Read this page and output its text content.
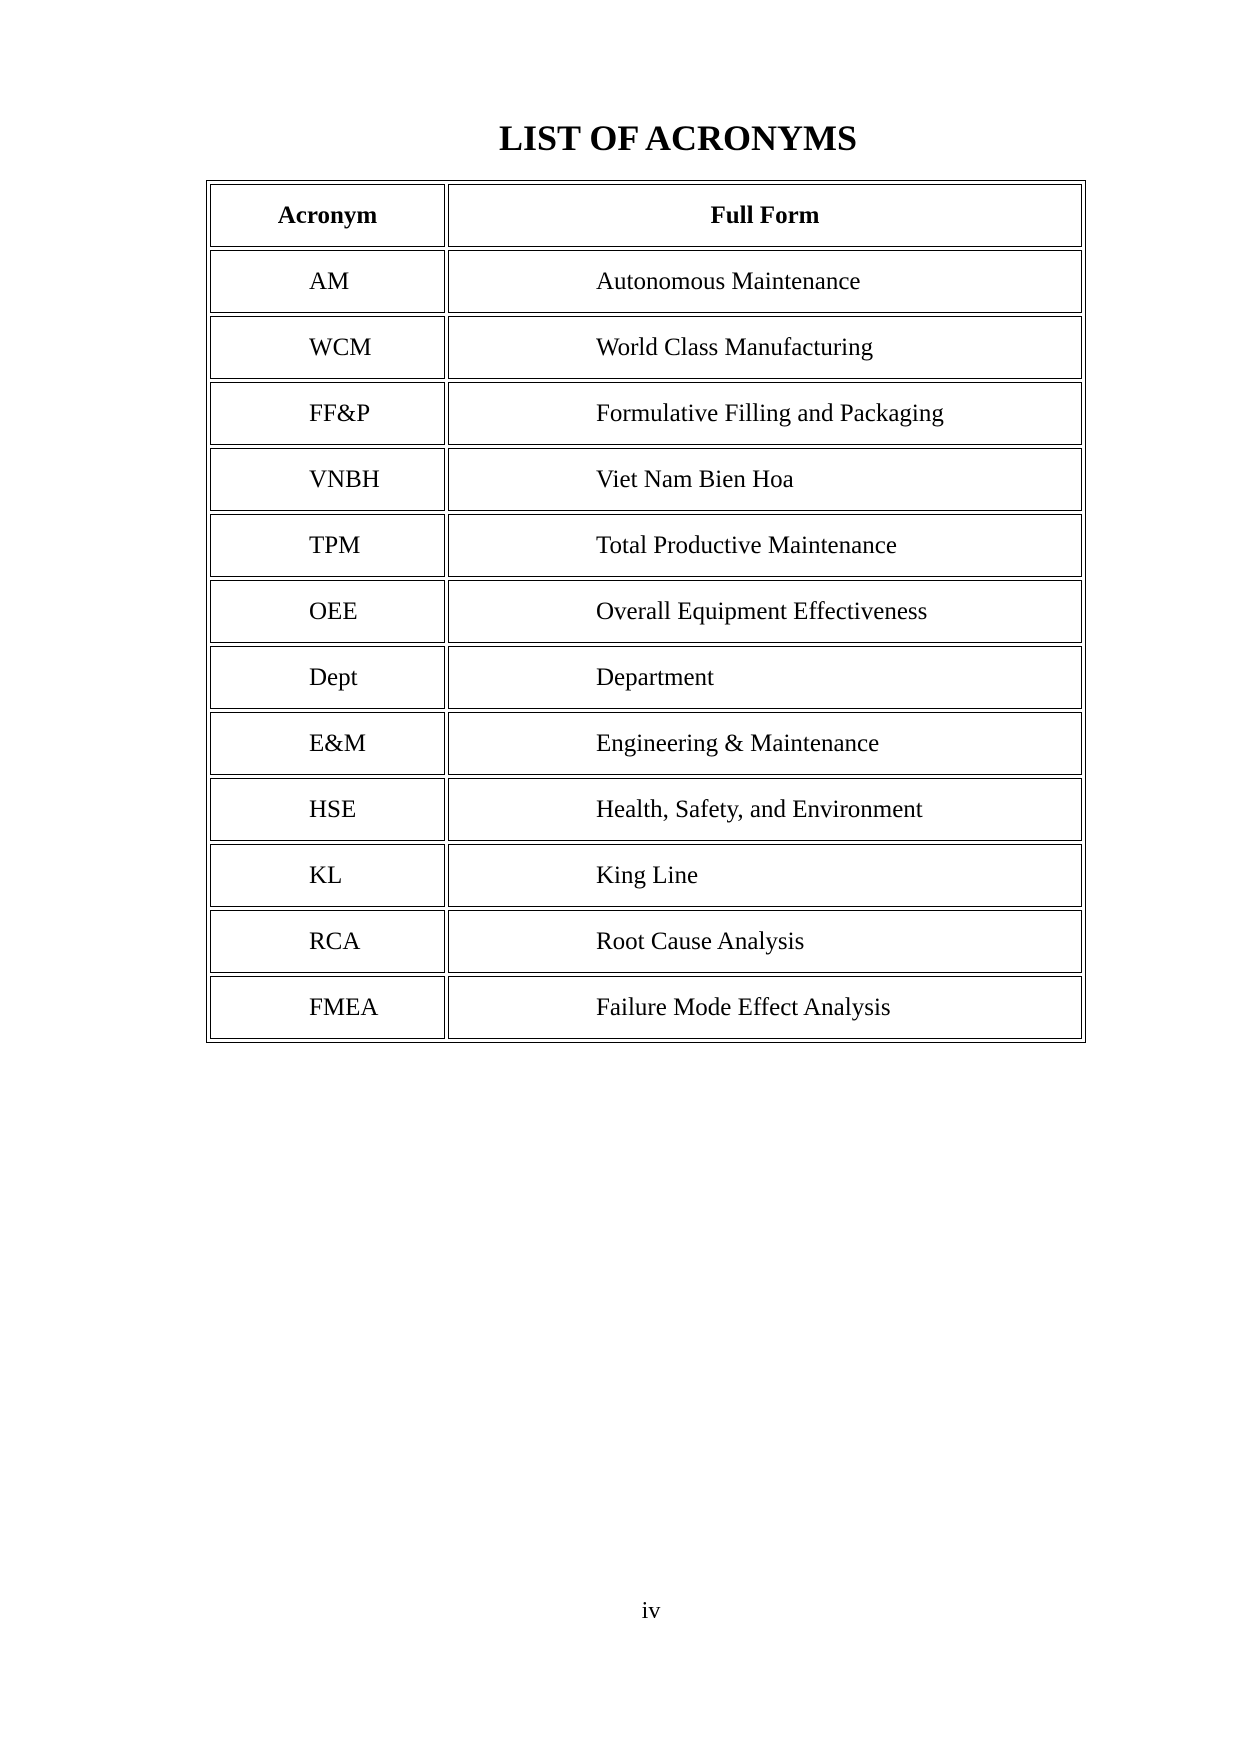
LIST OF ACRONYMS
Acronym	Full Form
AM	Autonomous Maintenance
WCM	World Class Manufacturing
FF&P	Formulative Filling and Packaging
VNBH	Viet Nam Bien Hoa
TPM	Total Productive Maintenance
OEE	Overall Equipment Effectiveness
Dept	Department
E&M	Engineering & Maintenance
HSE	Health, Safety, and Environment
KL	King Line
RCA	Root Cause Analysis
FMEA	Failure Mode Effect Analysis
iv
